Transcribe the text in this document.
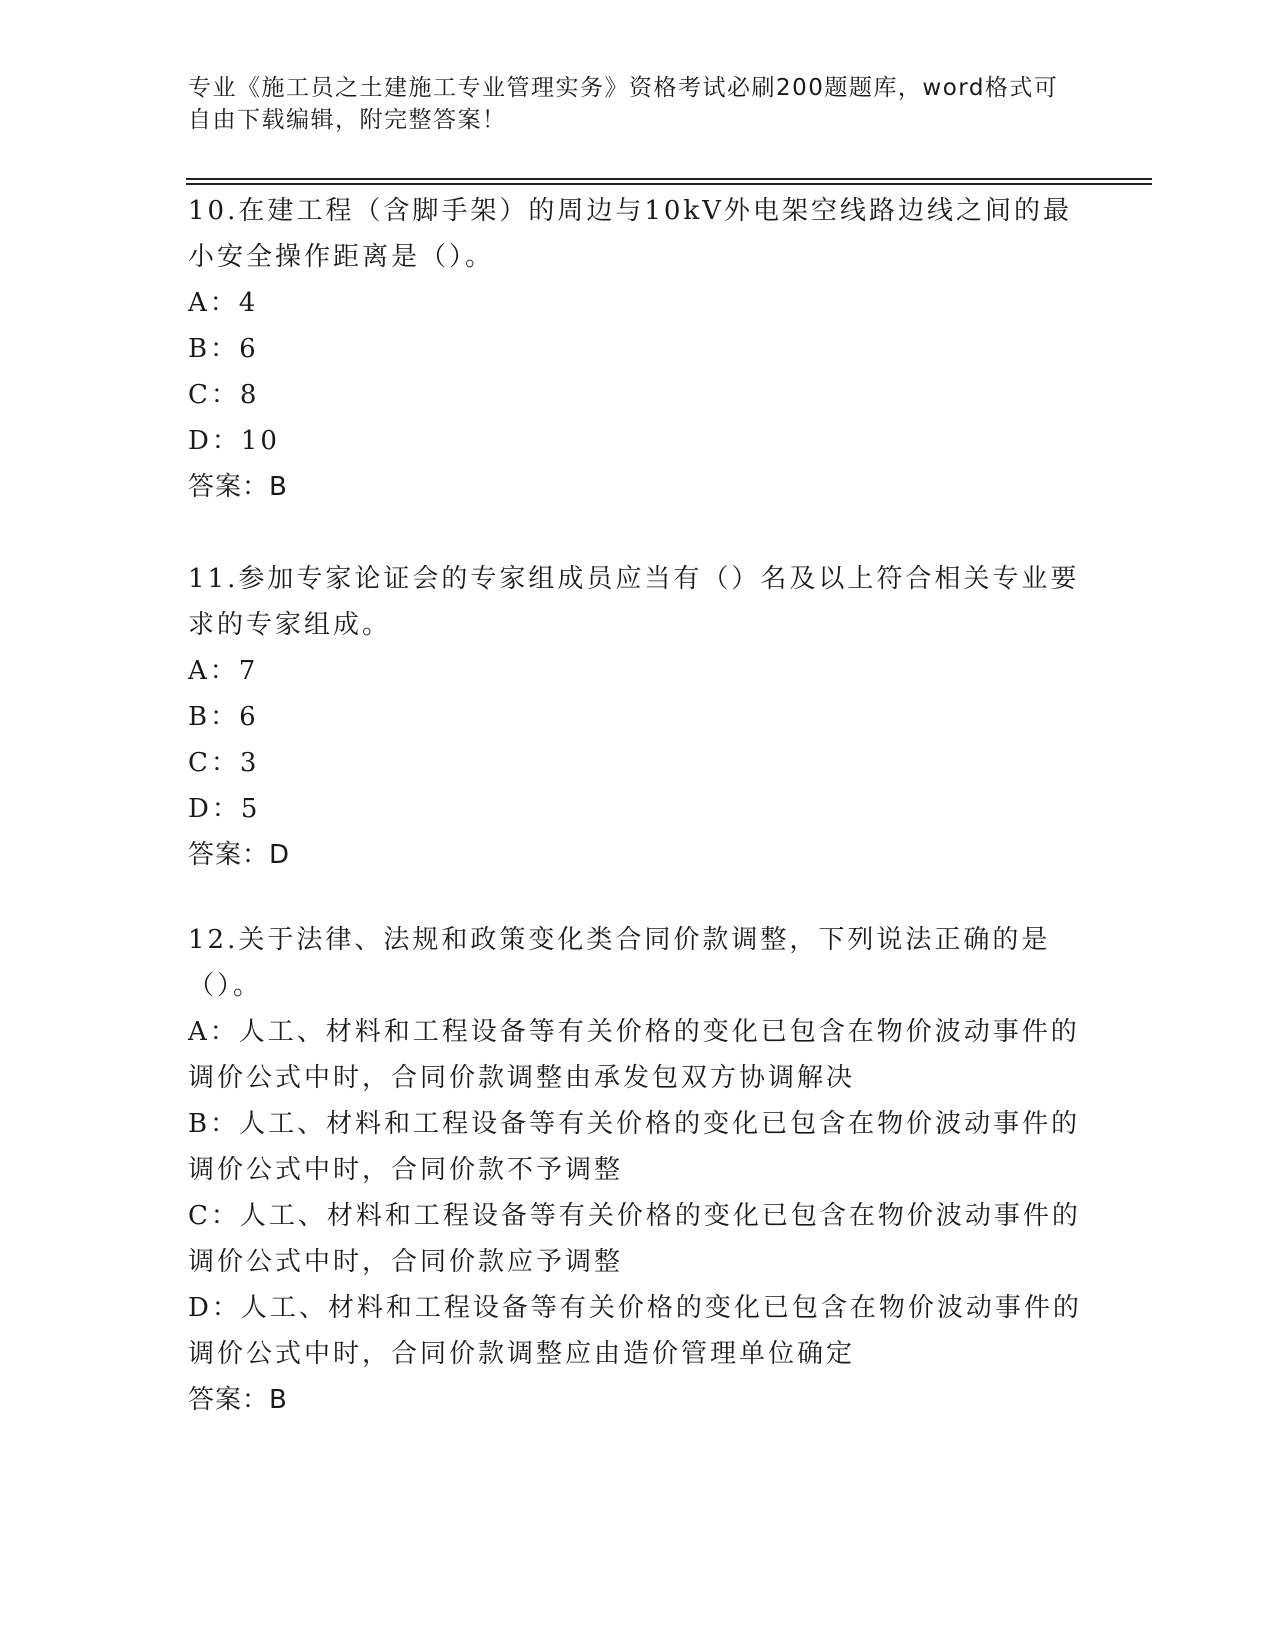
专业《施工员之土建施工专业管理实务》资格考试必刷200题题库，word格式可自由下载编辑，附完整答案！

10.在建工程（含脚手架）的周边与10kV外电架空线路边线之间的最小安全操作距离是（）。

A：4

B：6

C：8

D：10

答案：B

11.参加专家论证会的专家组成员应当有（）名及以上符合相关专业要求的专家组成。

A：7

B：6

C：3

D：5

答案：D

12.关于法律、法规和政策变化类合同价款调整，下列说法正确的是（）。

A：人工、材料和工程设备等有关价格的变化已包含在物价波动事件的调价公式中时，合同价款调整由承发包双方协调解决

B：人工、材料和工程设备等有关价格的变化已包含在物价波动事件的调价公式中时，合同价款不予调整

C：人工、材料和工程设备等有关价格的变化已包含在物价波动事件的调价公式中时，合同价款应予调整

D：人工、材料和工程设备等有关价格的变化已包含在物价波动事件的调价公式中时，合同价款调整应由造价管理单位确定

答案：B
